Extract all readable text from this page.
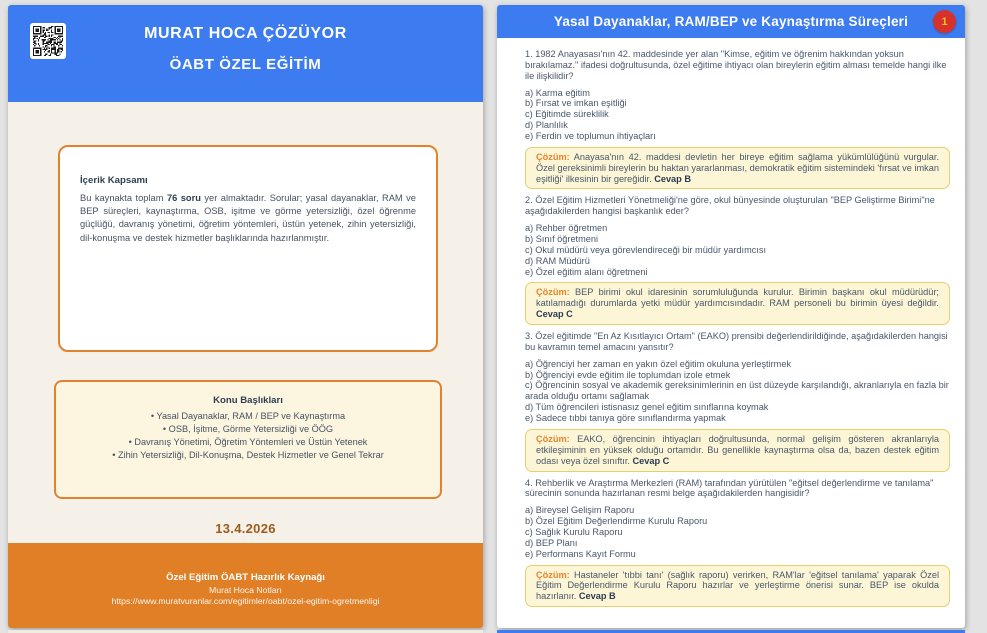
MURAT HOCA ÇÖZÜYOR
ÖABT ÖZEL EĞİTİM
İçerik Kapsamı

Bu kaynakta toplam 76 soru yer almaktadır. Sorular; yasal dayanaklar, RAM ve BEP süreçleri, kaynaştırma, OSB, işitme ve görme yetersizliği, özel öğrenme güçlüğü, davranış yönetimi, öğretim yöntemleri, üstün yetenek, zihin yetersizliği, dil-konuşma ve destek hizmetler başlıklarında hazırlanmıştır.

Konu Başlıkları
• Yasal Dayanaklar, RAM / BEP ve Kaynaştırma
• OSB, İşitme, Görme Yetersizliği ve ÖÖG
• Davranış Yönetimi, Öğretim Yöntemleri ve Üstün Yetenek
• Zihin Yetersizliği, Dil-Konuşma, Destek Hizmetler ve Genel Tekrar
13.4.2026
Özel Eğitim ÖABT Hazırlık Kaynağı
Murat Hoca Notları
https://www.muratvuranlar.com/egitimler/oabt/ozel-egitim-ogretmenligi
Yasal Dayanaklar, RAM/BEP ve Kaynaştırma Süreçleri	1

1. 1982 Anayasası'nın 42. maddesinde yer alan "Kimse, eğitim ve öğrenim hakkından yoksun bırakılamaz." ifadesi doğrultusunda, özel eğitime ihtiyacı olan bireylerin eğitim alması temelde hangi ilke ile ilişkilidir?

a) Karma eğitim
b) Fırsat ve imkan eşitliği
c) Eğitimde süreklilik
d) Planlılık
e) Ferdin ve toplumun ihtiyaçları
Çözüm: Anayasa'nın 42. maddesi devletin her bireye eğitim sağlama yükümlülüğünü vurgular. Özel gereksinimli bireylerin bu haktan yararlanması, demokratik eğitim sistemindeki 'fırsat ve imkan eşitliği' ilkesinin bir gereğidir. Cevap B

2. Özel Eğitim Hizmetleri Yönetmeliği'ne göre, okul bünyesinde oluşturulan "BEP Geliştirme Birimi"ne aşağıdakilerden hangisi başkanlık eder?

a) Rehber öğretmen
b) Sınıf öğretmeni
c) Okul müdürü veya görevlendireceği bir müdür yardımcısı
d) RAM Müdürü
e) Özel eğitim alanı öğretmeni
Çözüm: BEP birimi okul idaresinin sorumluluğunda kurulur. Birimin başkanı okul müdürüdür; katılamadığı durumlarda yetki müdür yardımcısındadır. RAM personeli bu birimin üyesi değildir. Cevap C

3. Özel eğitimde "En Az Kısıtlayıcı Ortam" (EAKO) prensibi değerlendirildiğinde, aşağıdakilerden hangisi bu kavramın temel amacını yansıtır?

a) Öğrenciyi her zaman en yakın özel eğitim okuluna yerleştirmek
b) Öğrenciyi evde eğitim ile toplumdan izole etmek
c) Öğrencinin sosyal ve akademik gereksinimlerinin en üst düzeyde karşılandığı, akranlarıyla en fazla bir arada olduğu ortamı sağlamak
d) Tüm öğrencileri istisnasız genel eğitim sınıflarına koymak
e) Sadece tıbbi tanıya göre sınıflandırma yapmak
Çözüm: EAKO, öğrencinin ihtiyaçları doğrultusunda, normal gelişim gösteren akranlarıyla etkileşiminin en yüksek olduğu ortamdır. Bu genellikle kaynaştırma olsa da, bazen destek eğitim odası veya özel sınıftır. Cevap C

4. Rehberlik ve Araştırma Merkezleri (RAM) tarafından yürütülen "eğitsel değerlendirme ve tanılama" sürecinin sonunda hazırlanan resmi belge aşağıdakilerden hangisidir?

a) Bireysel Gelişim Raporu
b) Özel Eğitim Değerlendirme Kurulu Raporu
c) Sağlık Kurulu Raporu
d) BEP Planı
e) Performans Kayıt Formu
Çözüm: Hastaneler 'tıbbi tanı' (sağlık raporu) verirken, RAM'lar 'eğitsel tanılama' yaparak Özel Eğitim Değerlendirme Kurulu Raporu hazırlar ve yerleştirme önerisi sunar. BEP ise okulda hazırlanır. Cevap B
